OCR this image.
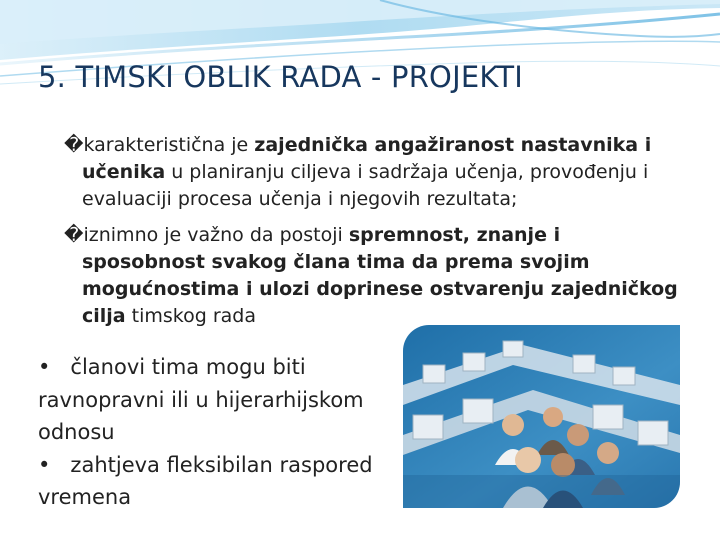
5. TIMSKI OBLIK RADA - PROJEKTI
�karakteristična je zajednička angažiranost nastavnika i učenika u planiranju ciljeva i sadržaja učenja, provođenju i evaluaciji procesa učenja i njegovih rezultata;
�iznimno je važno da postoji spremnost, znanje i sposobnost svakog člana tima da prema svojim mogućnostima i ulozi doprinese ostvarenju zajedničkog cilja timskog rada
• članovi tima mogu biti ravnopravni ili u hijerarhijskom odnosu
• zahtjeva fleksibilan raspored vremena
